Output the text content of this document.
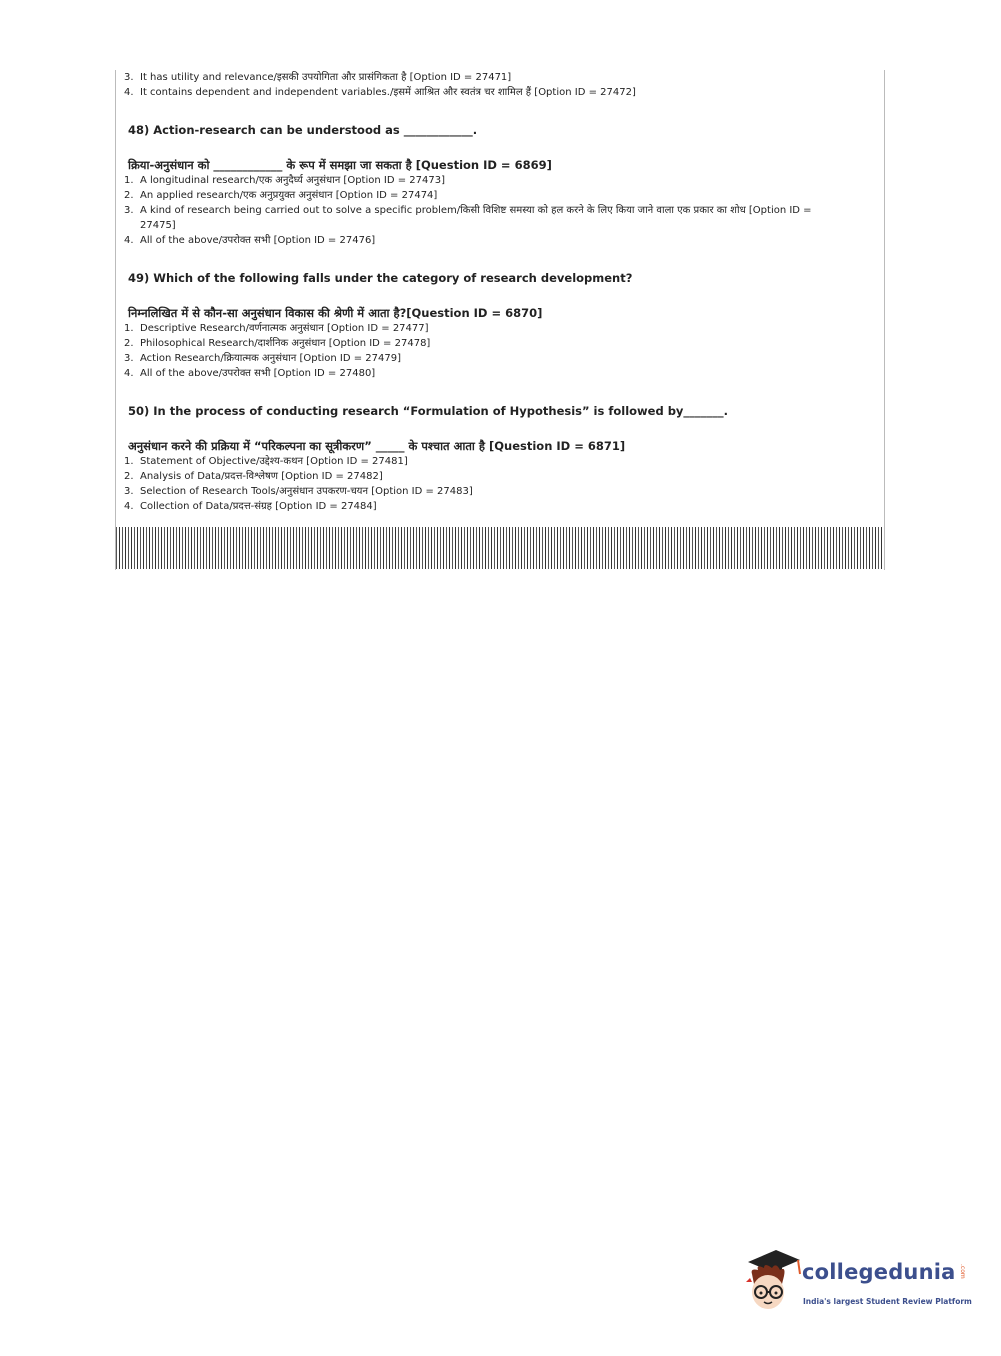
3. It has utility and relevance/इसकी उपयोगिता और प्रासंगिकता है [Option ID = 27471]
4. It contains dependent and independent variables./इसमें आश्रित और स्वतंत्र चर शामिल हैं [Option ID = 27472]
48) Action-research can be understood as ____________.
क्रिया-अनुसंधान को ____________ के रूप में समझा जा सकता है [Question ID = 6869]
1. A longitudinal research/एक अनुदैर्घ्य अनुसंधान [Option ID = 27473]
2. An applied research/एक अनुप्रयुक्त अनुसंधान [Option ID = 27474]
3. A kind of research being carried out to solve a specific problem/किसी विशिष्ट समस्या को हल करने के लिए किया जाने वाला एक प्रकार का शोध [Option ID = 27475]
4. All of the above/उपरोक्त सभी [Option ID = 27476]
49) Which of the following falls under the category of research development?
निम्नलिखित में से कौन-सा अनुसंधान विकास की श्रेणी में आता है?[Question ID = 6870]
1. Descriptive Research/वर्णनात्मक अनुसंधान [Option ID = 27477]
2. Philosophical Research/दार्शनिक अनुसंधान [Option ID = 27478]
3. Action Research/क्रियात्मक अनुसंधान [Option ID = 27479]
4. All of the above/उपरोक्त सभी [Option ID = 27480]
50) In the process of conducting research “Formulation of Hypothesis” is followed by_______.
अनुसंधान करने की प्रक्रिया में “परिकल्पना का सूत्रीकरण” _____ के पश्चात आता है [Question ID = 6871]
1. Statement of Objective/उद्देश्य-कथन [Option ID = 27481]
2. Analysis of Data/प्रदत्त-विश्लेषण [Option ID = 27482]
3. Selection of Research Tools/अनुसंधान उपकरण-चयन [Option ID = 27483]
4. Collection of Data/प्रदत्त-संग्रह [Option ID = 27484]
collegedunia .com
India's largest Student Review Platform
